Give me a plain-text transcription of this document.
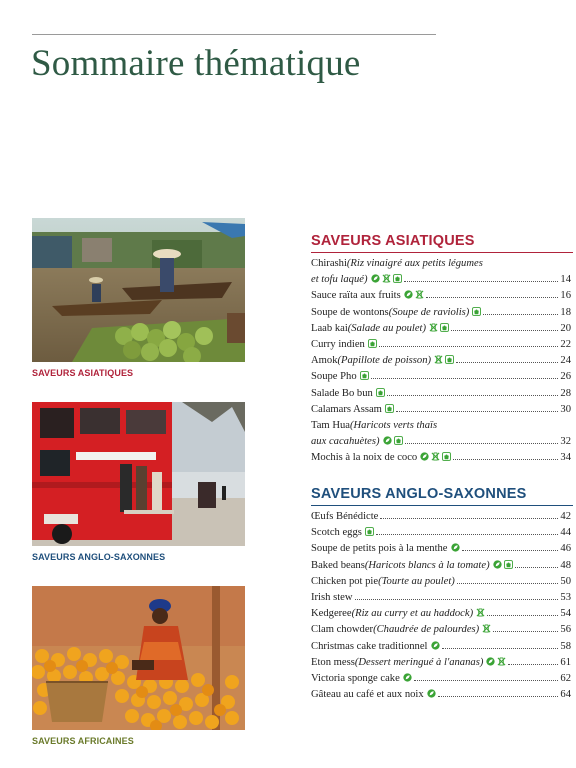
Sommaire thématique
SAVEURS ASIATIQUES
SAVEURS ANGLO-SAXONNES
SAVEURS AFRICAINES
SAVEURS ASIATIQUES
Chirashi (Riz vinaigré aux petits légumes
et tofu laqué)	14
Sauce raïta aux fruits	16
Soupe de wontons (Soupe de raviolis)	18
Laab kai (Salade au poulet)	20
Curry indien	22
Amok (Papillote de poisson)	24
Soupe Pho	26
Salade Bo bun	28
Calamars Assam	30
Tam Hua (Haricots verts thaïs
aux cacahuètes)	32
Mochis à la noix de coco	34
SAVEURS ANGLO-SAXONNES
Œufs Bénédicte	42
Scotch eggs	44
Soupe de petits pois à la menthe	46
Baked beans (Haricots blancs à la tomate)	48
Chicken pot pie (Tourte au poulet)	50
Irish stew	53
Kedgeree (Riz au curry et au haddock)	54
Clam chowder (Chaudrée de palourdes)	56
Christmas cake traditionnel	58
Eton mess (Dessert meringué à l'ananas)	61
Victoria sponge cake	62
Gâteau au café et aux noix	64
